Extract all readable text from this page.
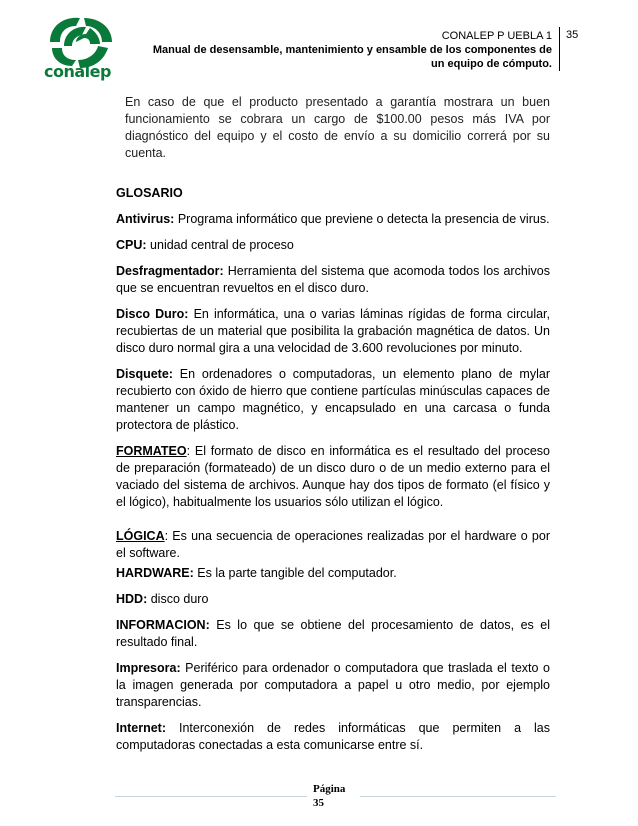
conalep
CONALEP P UEBLA 1
Manual de desensamble, mantenimiento y ensamble de los componentes de
un equipo de cómputo.
35

En caso de que el producto presentado a garantía mostrara un buen funcionamiento se cobrara un cargo de $100.00 pesos más IVA por diagnóstico del equipo y el costo de envío a su domicilio correrá por su cuenta.

GLOSARIO

Antivirus: Programa informático que previene o detecta la presencia de virus.

CPU: unidad central de proceso

Desfragmentador: Herramienta del sistema que acomoda todos los archivos que se encuentran revueltos en el disco duro.

Disco Duro: En informática, una o varias láminas rígidas de forma circular, recubiertas de un material que posibilita la grabación magnética de datos. Un disco duro normal gira a una velocidad de 3.600 revoluciones por minuto.

Disquete: En ordenadores o computadoras, un elemento plano de mylar recubierto con óxido de hierro que contiene partículas minúsculas capaces de mantener un campo magnético, y encapsulado en una carcasa o funda protectora de plástico.

FORMATEO: El formato de disco en informática es el resultado del proceso de preparación (formateado) de un disco duro o de un medio externo para el vaciado del sistema de archivos. Aunque hay dos tipos de formato (el físico y el lógico), habitualmente los usuarios sólo utilizan el lógico.

LÓGICA: Es una secuencia de operaciones realizadas por el hardware o por el software.

HARDWARE: Es la parte tangible del computador.

HDD: disco duro

INFORMACION: Es lo que se obtiene del procesamiento de datos, es el resultado final.

Impresora: Periférico para ordenador o computadora que traslada el texto o la imagen generada por computadora a papel u otro medio, por ejemplo transparencias.

Internet: Interconexión de redes informáticas que permiten a las computadoras conectadas a esta comunicarse entre sí.

Página
35
